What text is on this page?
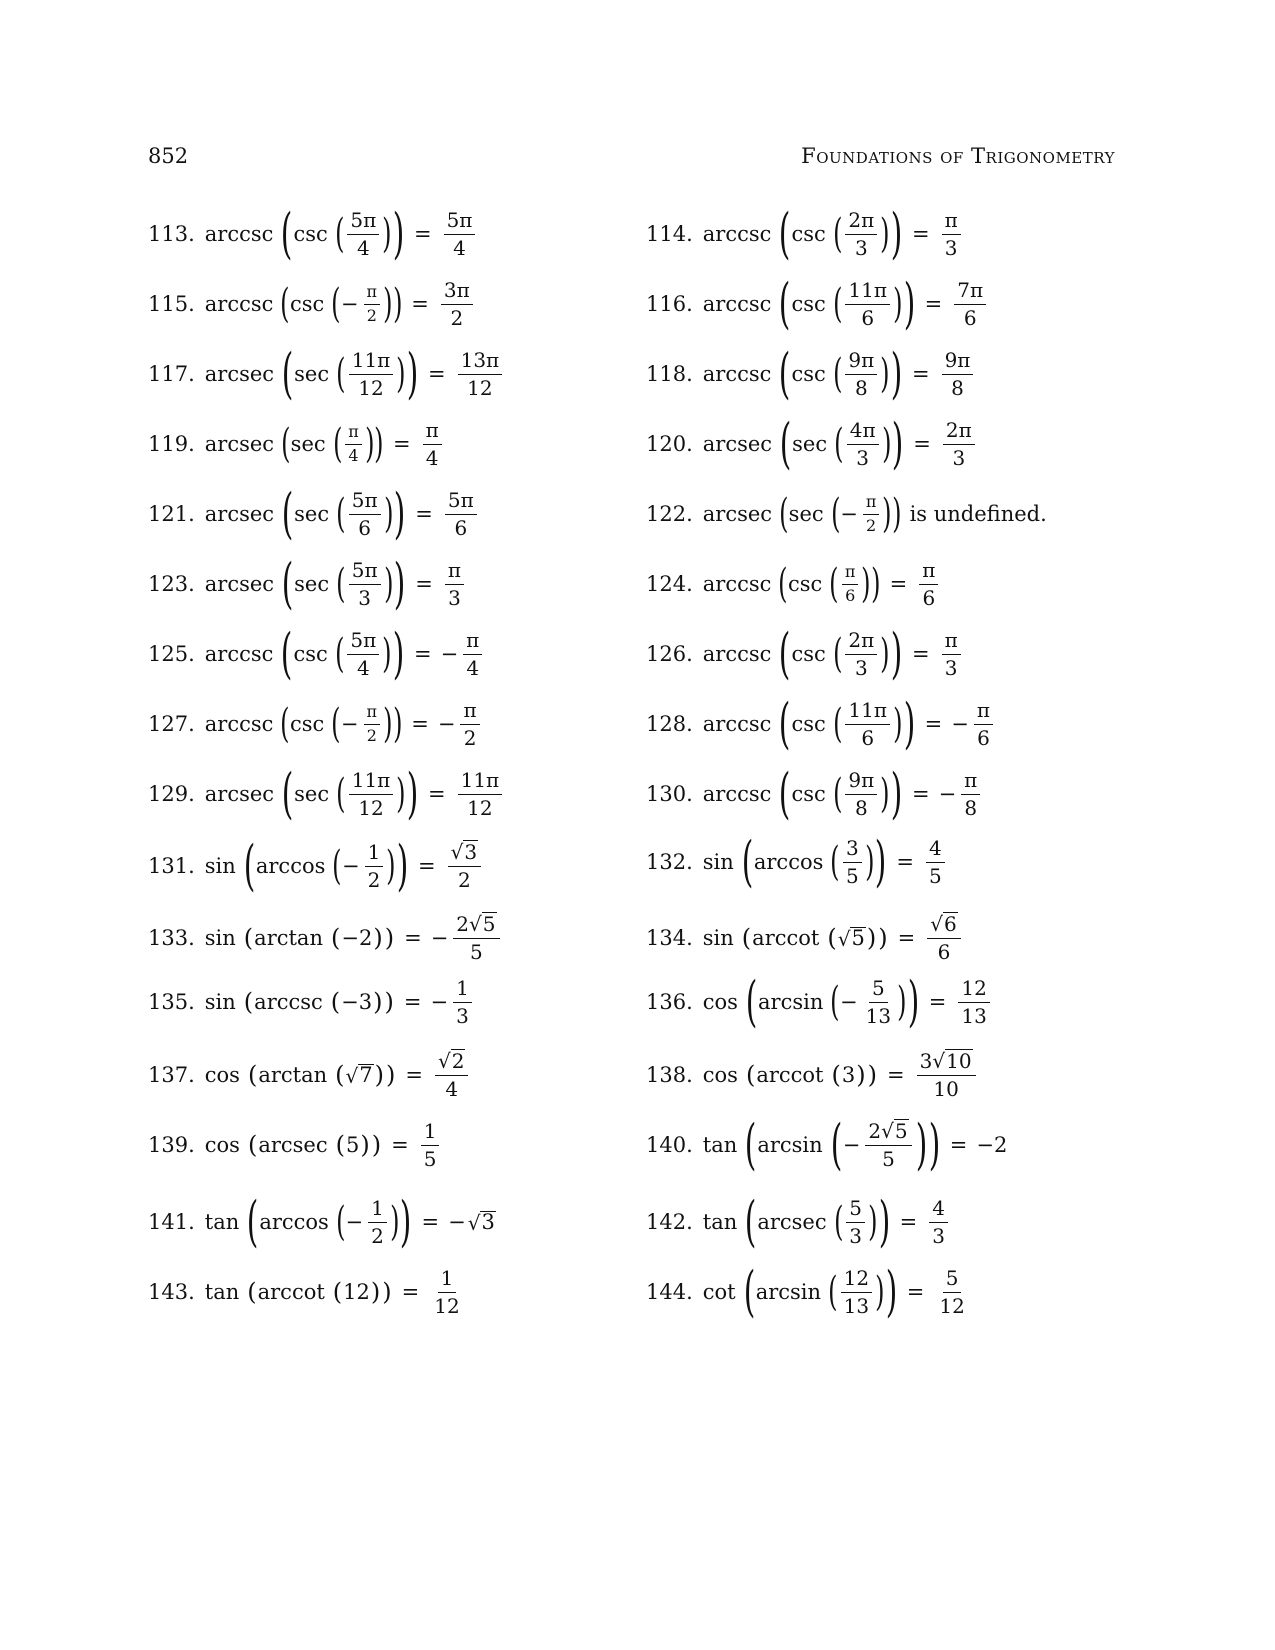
852	Foundations of Trigonometry
113. arccsc ( csc ( $\frac{5\pi}{4}$ ) ) = $\frac{5\pi}{4}$	114. arccsc ( csc ( $\frac{2\pi}{3}$ ) ) = $\frac{\pi}{3}$
115. arccsc ( csc ( − $\frac{\pi}{2}$ ) ) = $\frac{3\pi}{2}$	116. arccsc ( csc ( $\frac{11\pi}{6}$ ) ) = $\frac{7\pi}{6}$
117. arcsec ( sec ( $\frac{11\pi}{12}$ ) ) = $\frac{13\pi}{12}$	118. arccsc ( csc ( $\frac{9\pi}{8}$ ) ) = $\frac{9\pi}{8}$
119. arcsec ( sec ( $\frac{\pi}{4}$ ) ) = $\frac{\pi}{4}$	120. arcsec ( sec ( $\frac{4\pi}{3}$ ) ) = $\frac{2\pi}{3}$
121. arcsec ( sec ( $\frac{5\pi}{6}$ ) ) = $\frac{5\pi}{6}$	122. arcsec ( sec ( − $\frac{\pi}{2}$ ) ) is undefined.
123. arcsec ( sec ( $\frac{5\pi}{3}$ ) ) = $\frac{\pi}{3}$	124. arccsc ( csc ( $\frac{\pi}{6}$ ) ) = $\frac{\pi}{6}$
125. arccsc ( csc ( $\frac{5\pi}{4}$ ) ) = − $\frac{\pi}{4}$	126. arccsc ( csc ( $\frac{2\pi}{3}$ ) ) = $\frac{\pi}{3}$
127. arccsc ( csc ( − $\frac{\pi}{2}$ ) ) = − $\frac{\pi}{2}$	128. arccsc ( csc ( $\frac{11\pi}{6}$ ) ) = − $\frac{\pi}{6}$
129. arcsec ( sec ( $\frac{11\pi}{12}$ ) ) = $\frac{11\pi}{12}$	130. arccsc ( csc ( $\frac{9\pi}{8}$ ) ) = − $\frac{\pi}{8}$
131. sin ( arccos ( − $\frac{1}{2}$ ) ) = $\frac{√ 3}{2}$	132. sin ( arccos ( $\frac{3}{5}$ ) ) = $\frac{4}{5}$
133. sin ( arctan ( −2 ) ) = − $\frac{2 √ 5}{5}$	134. sin ( arccot ( √ 5 ) ) = $\frac{√ 6}{6}$
135. sin ( arccsc ( −3 ) ) = − $\frac{1}{3}$	136. cos ( arcsin ( − $\frac{5}{13}$ ) ) = $\frac{12}{13}$
137. cos ( arctan ( √ 7 ) ) = $\frac{√ 2}{4}$	138. cos ( arccot ( 3 ) ) = $\frac{3 √ 10}{10}$
139. cos ( arcsec ( 5 ) ) = $\frac{1}{5}$	140. tan ( arcsin ( − $\frac{2 √ 5}{5}$ ) ) = −2
141. tan ( arccos ( − $\frac{1}{2}$ ) ) = − √ 3	142. tan ( arcsec ( $\frac{5}{3}$ ) ) = $\frac{4}{3}$
143. tan ( arccot ( 12 ) ) = $\frac{1}{12}$	144. cot ( arcsin ( $\frac{12}{13}$ ) ) = $\frac{5}{12}$
